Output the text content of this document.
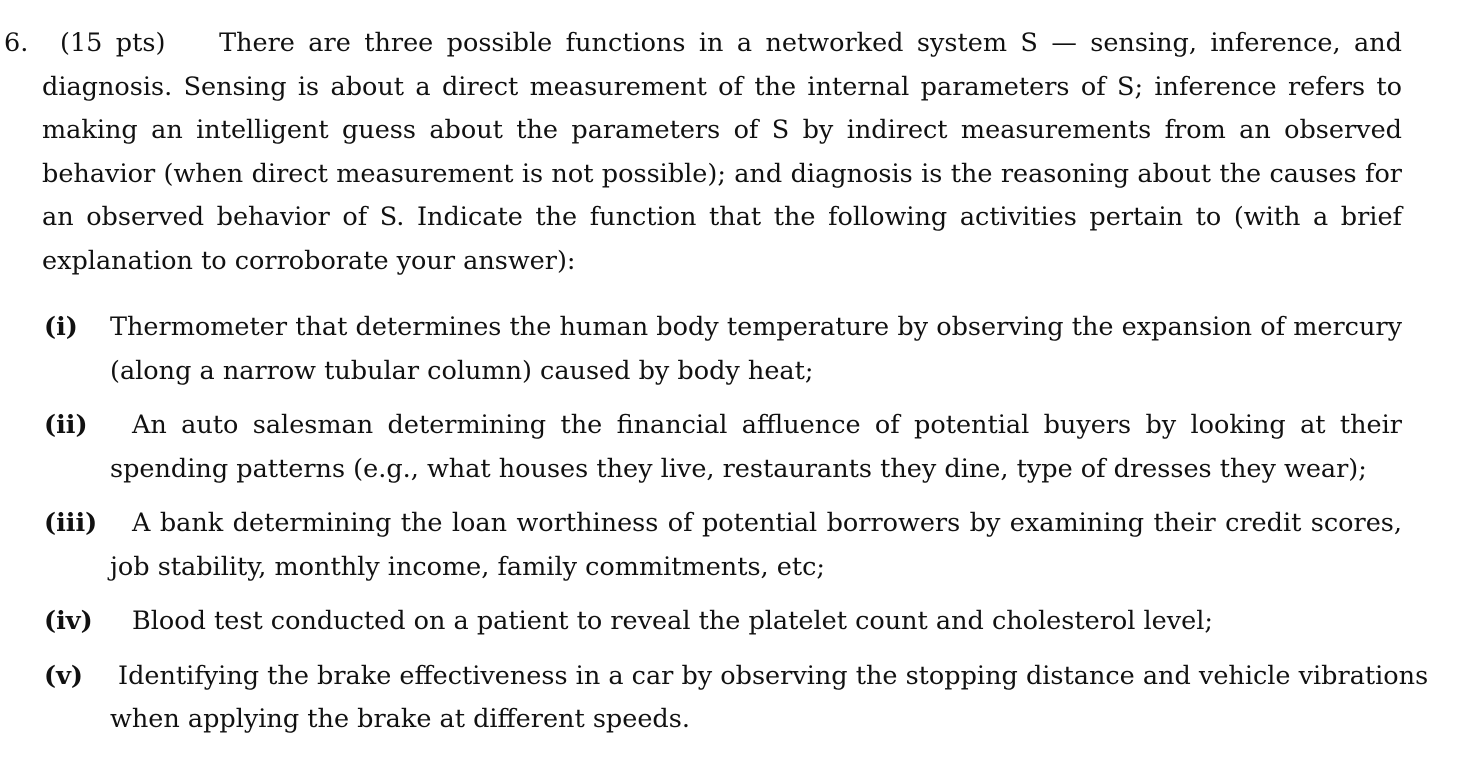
6. (15 pts) There are three possible functions in a networked system S — sensing, inference, and
diagnosis. Sensing is about a direct measurement of the internal parameters of S; inference refers to
making an intelligent guess about the parameters of S by indirect measurements from an observed
behavior (when direct measurement is not possible); and diagnosis is the reasoning about the causes for
an observed behavior of S. Indicate the function that the following activities pertain to (with a brief
explanation to corroborate your answer):
(i) Thermometer that determines the human body temperature by observing the expansion of mercury
(along a narrow tubular column) caused by body heat;
(ii)	An auto salesman determining the financial affluence of potential buyers by looking at their
spending patterns (e.g., what houses they live, restaurants they dine, type of dresses they wear);
(iii)	A bank determining the loan worthiness of potential borrowers by examining their credit scores,
job stability, monthly income, family commitments, etc;
(iv)	Blood test conducted on a patient to reveal the platelet count and cholesterol level;
(v)	Identifying the brake effectiveness in a car by observing the stopping distance and vehicle vibrations
when applying the brake at different speeds.
